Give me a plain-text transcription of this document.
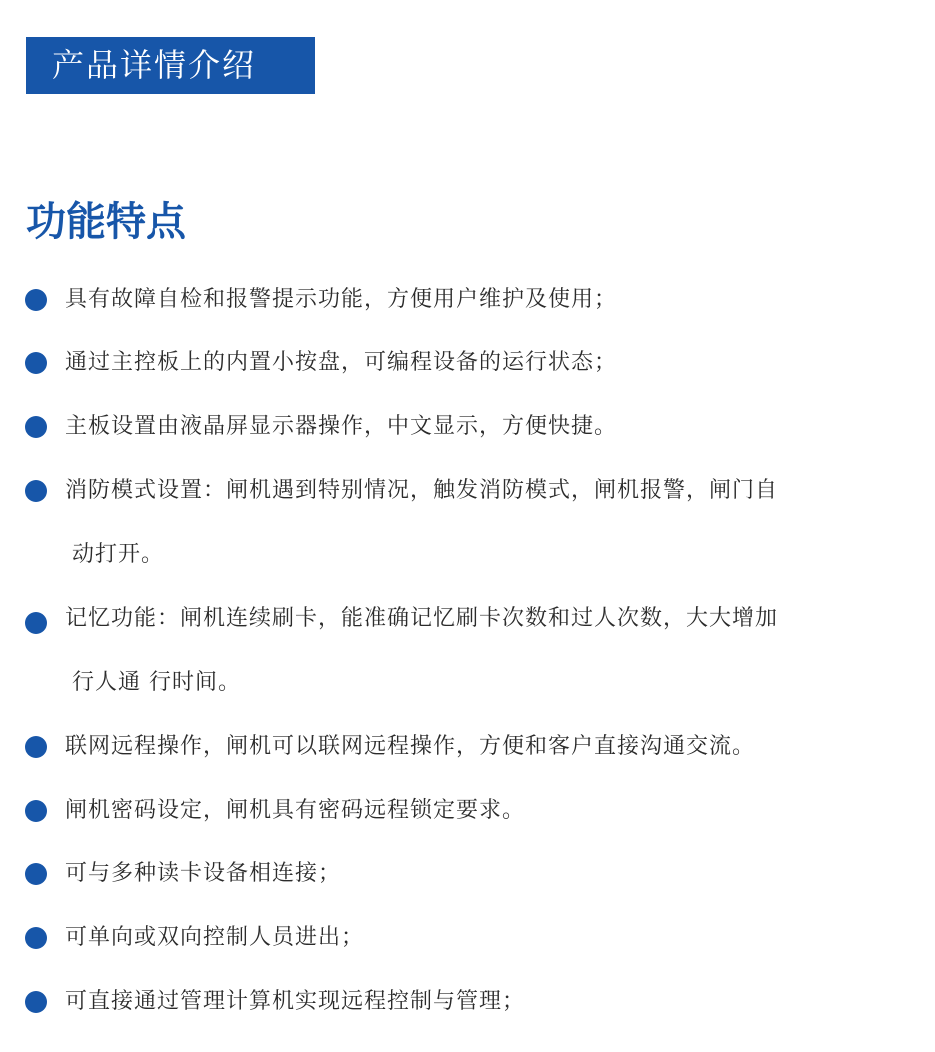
产品详情介绍
功能特点
具有故障自检和报警提示功能，方便用户维护及使用；
通过主控板上的内置小按盘，可编程设备的运行状态；
主板设置由液晶屏显示器操作，中文显示，方便快捷。
消防模式设置：闸机遇到特别情况，触发消防模式，闸机报警，闸门自
动打开。
记忆功能：闸机连续刷卡，能准确记忆刷卡次数和过人次数，大大增加
行人通 行时间。
联网远程操作，闸机可以联网远程操作，方便和客户直接沟通交流。
闸机密码设定，闸机具有密码远程锁定要求。
可与多种读卡设备相连接；
可单向或双向控制人员进出；
可直接通过管理计算机实现远程控制与管理；
